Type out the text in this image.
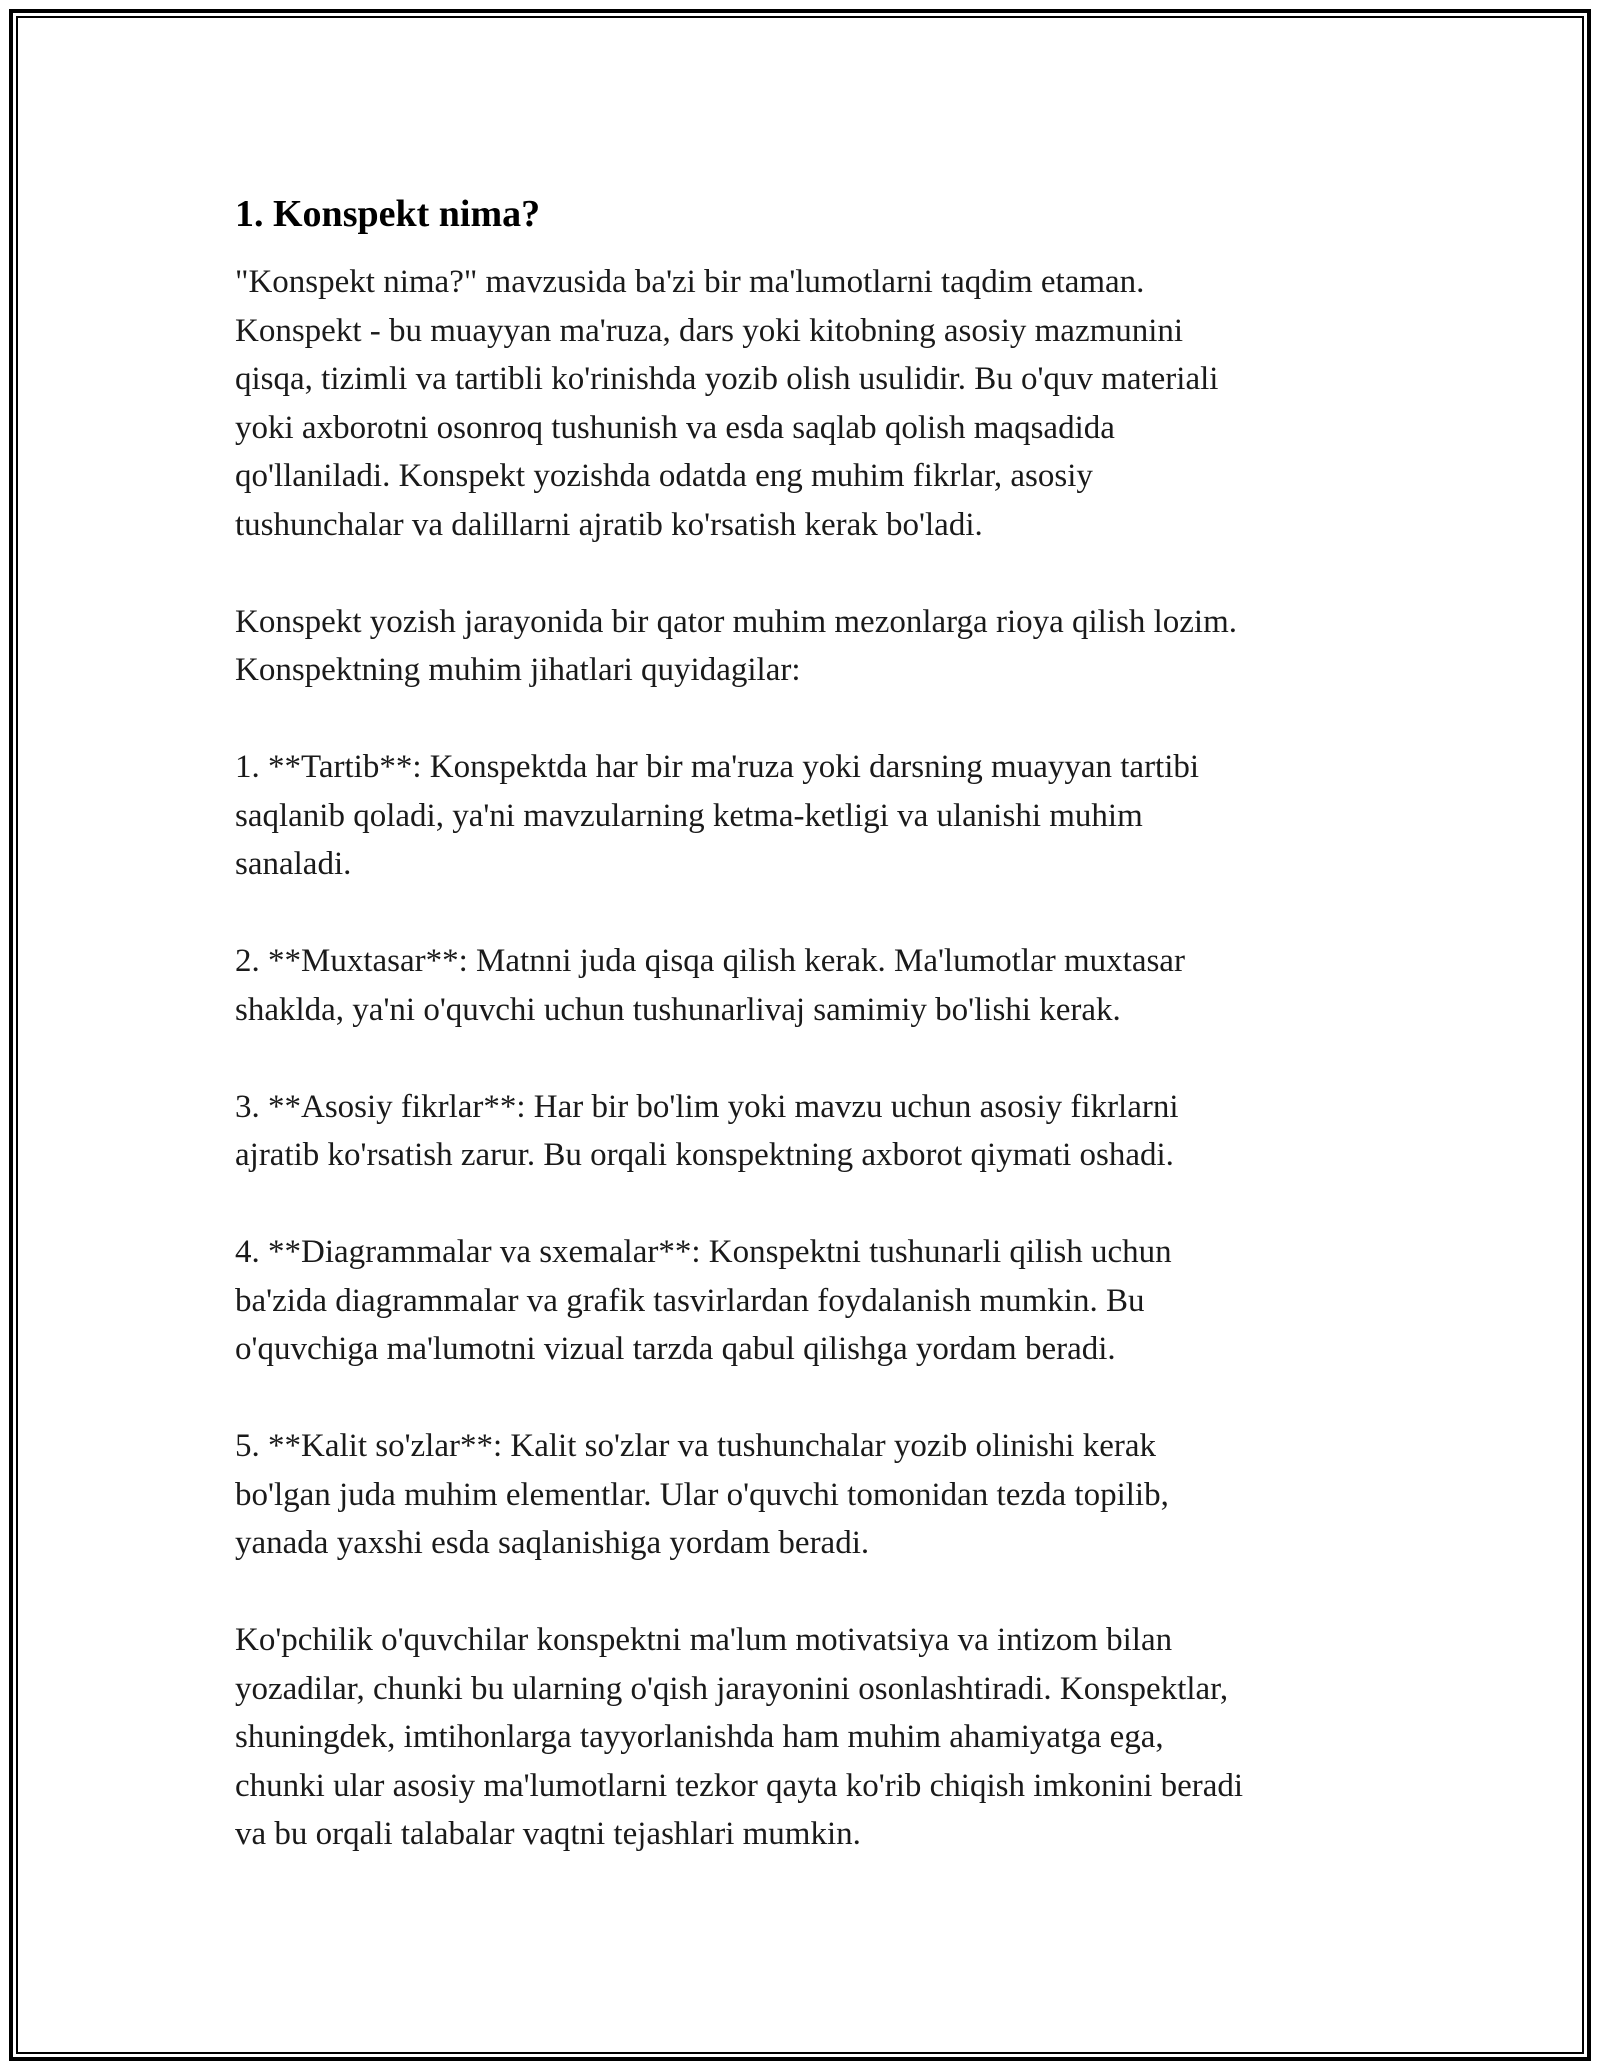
1. Konspekt nima?

"Konspekt nima?" mavzusida ba'zi bir ma'lumotlarni taqdim etaman.
Konspekt - bu muayyan ma'ruza, dars yoki kitobning asosiy mazmunini
qisqa, tizimli va tartibli ko'rinishda yozib olish usulidir. Bu o'quv materiali
yoki axborotni osonroq tushunish va esda saqlab qolish maqsadida
qo'llaniladi. Konspekt yozishda odatda eng muhim fikrlar, asosiy
tushunchalar va dalillarni ajratib ko'rsatish kerak bo'ladi.

Konspekt yozish jarayonida bir qator muhim mezonlarga rioya qilish lozim.
Konspektning muhim jihatlari quyidagilar:

1. **Tartib**: Konspektda har bir ma'ruza yoki darsning muayyan tartibi
saqlanib qoladi, ya'ni mavzularning ketma-ketligi va ulanishi muhim
sanaladi.

2. **Muxtasar**: Matnni juda qisqa qilish kerak. Ma'lumotlar muxtasar
shaklda, ya'ni o'quvchi uchun tushunarlivaj samimiy bo'lishi kerak.

3. **Asosiy fikrlar**: Har bir bo'lim yoki mavzu uchun asosiy fikrlarni
ajratib ko'rsatish zarur. Bu orqali konspektning axborot qiymati oshadi.

4. **Diagrammalar va sxemalar**: Konspektni tushunarli qilish uchun
ba'zida diagrammalar va grafik tasvirlardan foydalanish mumkin. Bu
o'quvchiga ma'lumotni vizual tarzda qabul qilishga yordam beradi.

5. **Kalit so'zlar**: Kalit so'zlar va tushunchalar yozib olinishi kerak
bo'lgan juda muhim elementlar. Ular o'quvchi tomonidan tezda topilib,
yanada yaxshi esda saqlanishiga yordam beradi.

Ko'pchilik o'quvchilar konspektni ma'lum motivatsiya va intizom bilan
yozadilar, chunki bu ularning o'qish jarayonini osonlashtiradi. Konspektlar,
shuningdek, imtihonlarga tayyorlanishda ham muhim ahamiyatga ega,
chunki ular asosiy ma'lumotlarni tezkor qayta ko'rib chiqish imkonini beradi
va bu orqali talabalar vaqtni tejashlari mumkin.
